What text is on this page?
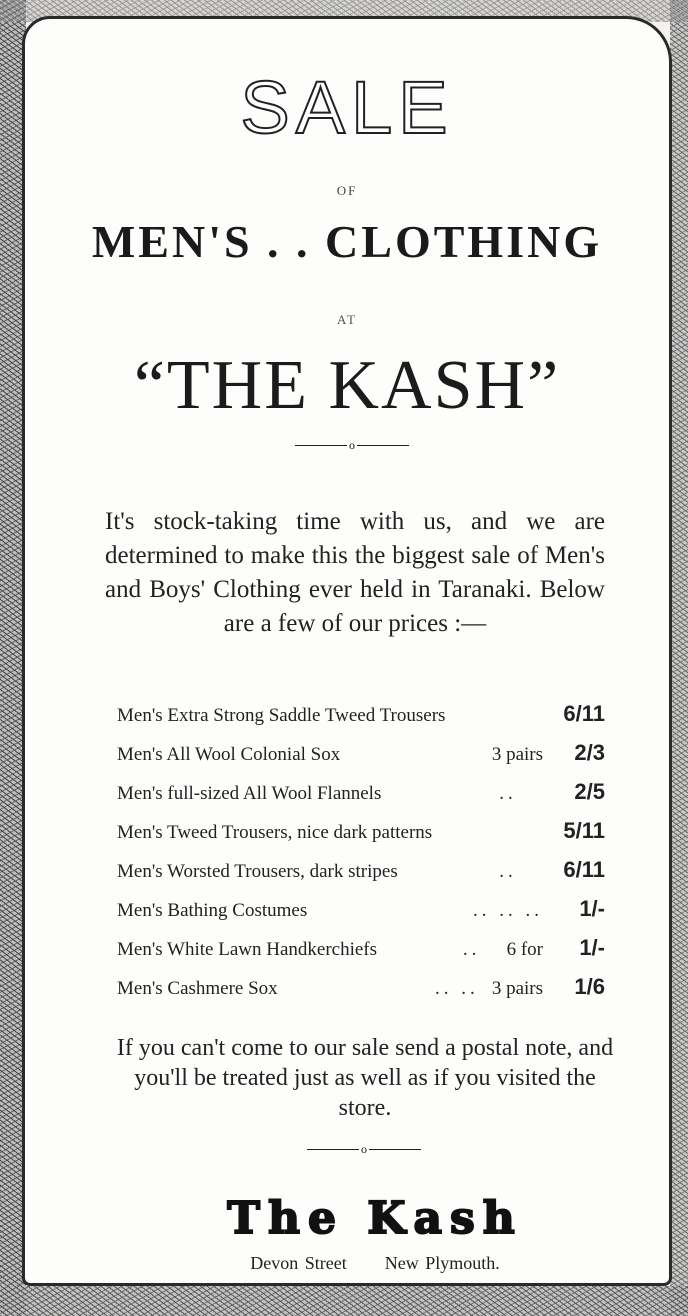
SALE
OF
MEN'S . . CLOTHING
AT
“THE KASH”
o
It's stock-taking time with us, and we are determined to make this the biggest sale of Men's and Boys' Clothing ever held in Taranaki. Below are a few of our prices :—
Men's Extra Strong Saddle Tweed Trousers	6/11
Men's All Wool Colonial Sox	3 pairs	2/3
Men's full-sized All Wool Flannels	..	2/5
Men's Tweed Trousers, nice dark patterns	5/11
Men's Worsted Trousers, dark stripes	..	6/11
Men's Bathing Costumes	.. .. ..	1/-
Men's White Lawn Handkerchiefs	..	6 for	1/-
Men's Cashmere Sox	.. .. 3 pairs	1/6
If you can't come to our sale send a postal note, and you'll be treated just as well as if you visited the store.
o
The Kash
Devon Street New Plymouth.
